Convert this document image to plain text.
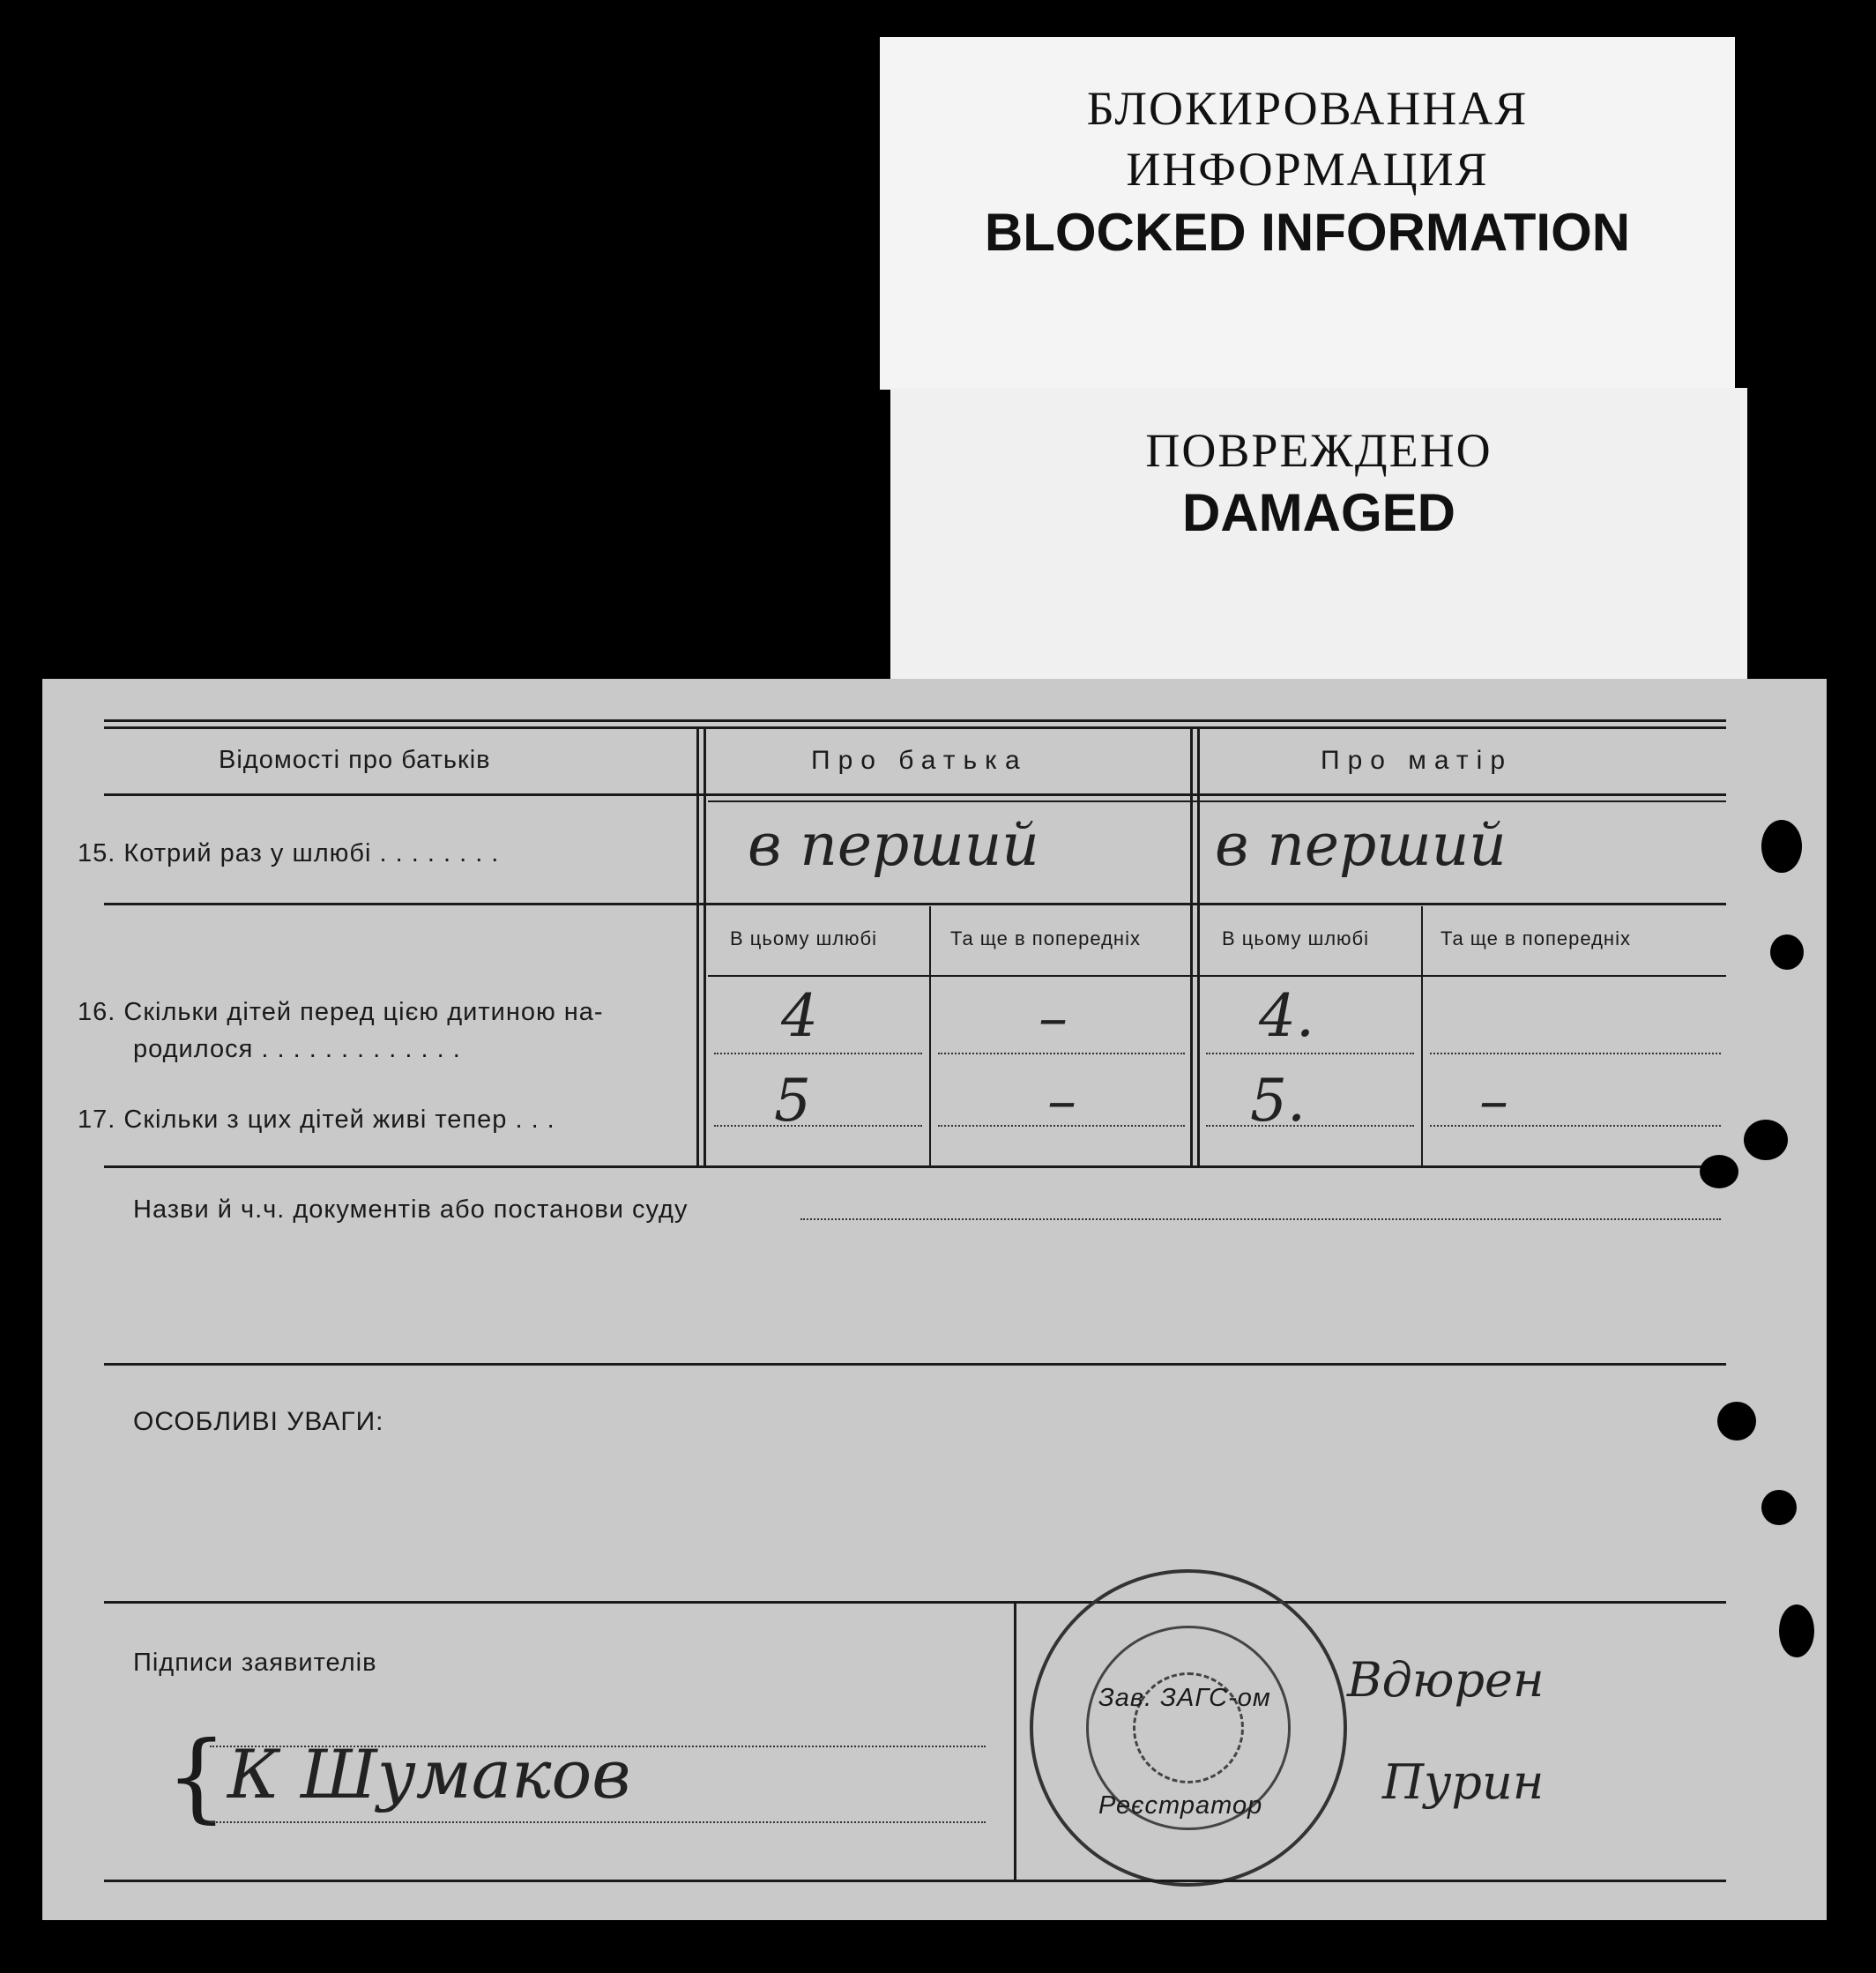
БЛОКИРОВАННАЯ

ИНФОРМАЦИЯ

BLOCKED INFORMATION

ПОВРЕЖДЕНО

DAMAGED

Відомості про батьків	Про батька	Про матір
15. Котрий раз у шлюбі . . . . . . . .	в перший	в перший
В цьому шлюбі	Та ще в попередніх	В цьому шлюбі	Та ще в попередніх
16. Скільки дітей перед цією дитиною на-
родилося . . . . . . . . . . . . .	4	–	4.
17. Скільки з цих дітей живі тепер . . .	5	–	5.	–
Назви й ч.ч. документів або постанови суду
ОСОБЛИВІ УВАГИ:
Підписи заявителів
{ К Шумаков
Зав. ЗАГС-ом
Реєстратор
Вдюрен
Пурин
